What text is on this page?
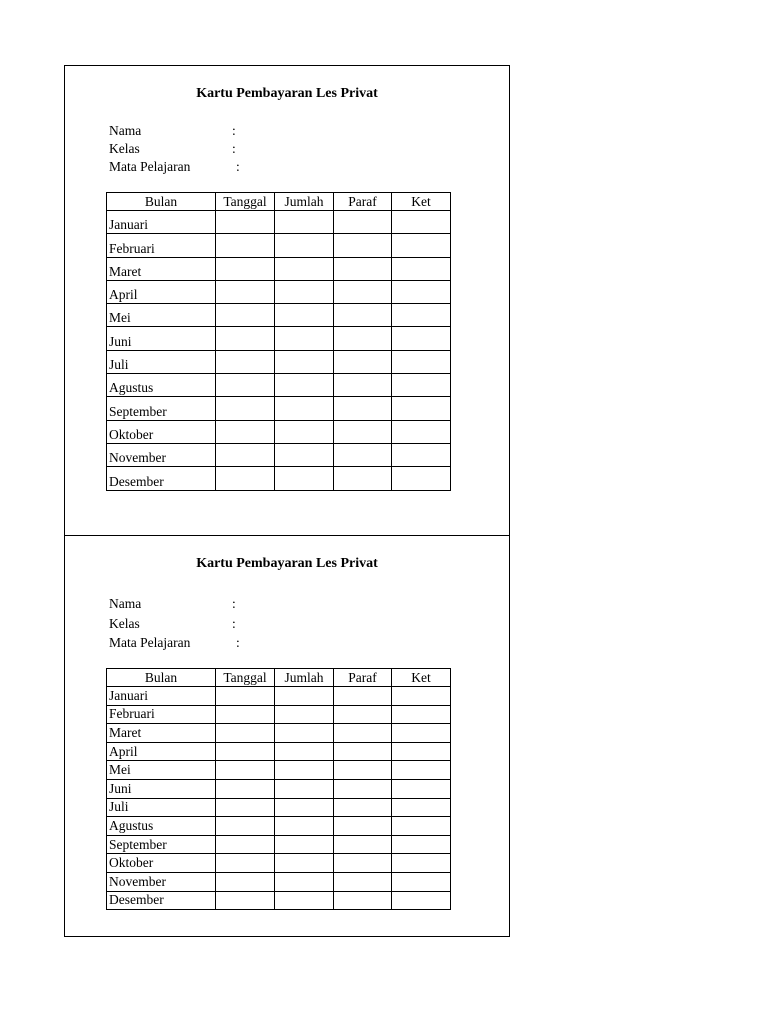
Kartu Pembayaran Les Privat
Nama	:
Kelas	:
Mata Pelajaran	:
Bulan	Tanggal	Jumlah	Paraf	Ket
Januari				
Februari				
Maret				
April				
Mei				
Juni				
Juli				
Agustus				
September				
Oktober				
November				
Desember				
Kartu Pembayaran Les Privat
Nama	:
Kelas	:
Mata Pelajaran	:
Bulan	Tanggal	Jumlah	Paraf	Ket
Januari				
Februari				
Maret				
April				
Mei				
Juni				
Juli				
Agustus				
September				
Oktober				
November				
Desember				
